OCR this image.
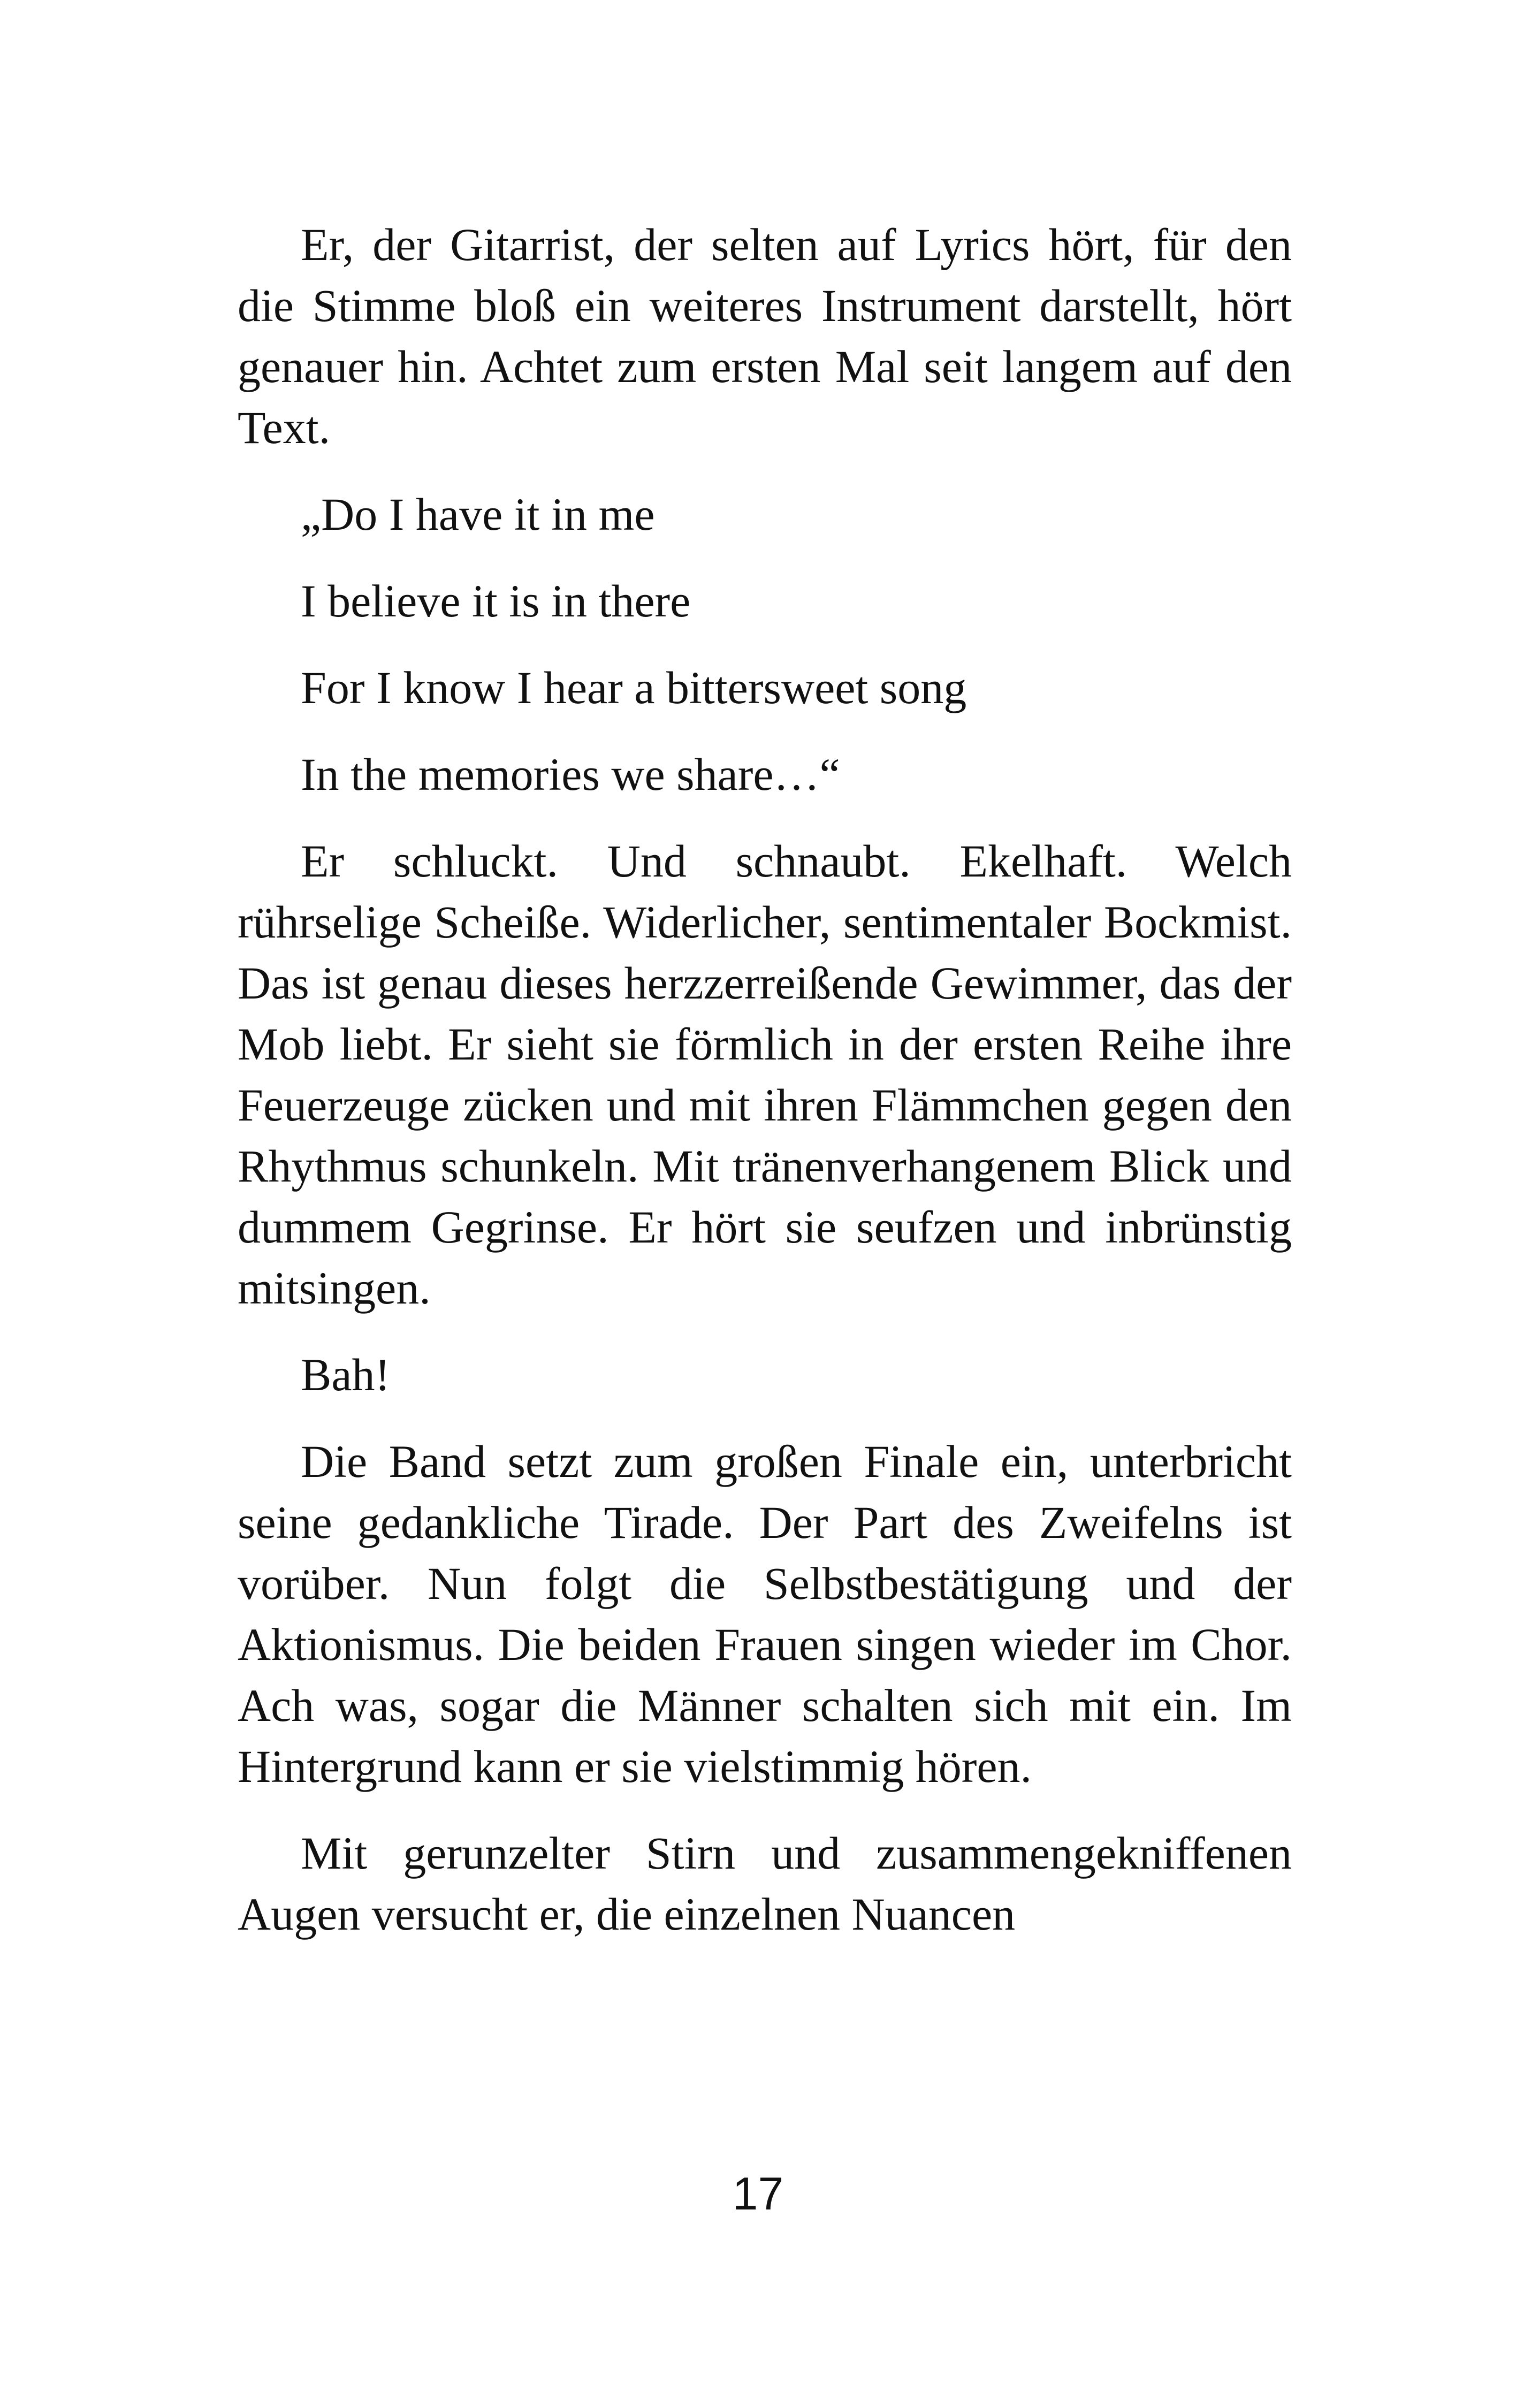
Er, der Gitarrist, der selten auf Lyrics hört, für den die Stimme bloß ein weiteres Instrument darstellt, hört genauer hin. Achtet zum ersten Mal seit langem auf den Text.

„Do I have it in me

I believe it is in there

For I know I hear a bittersweet song

In the memories we share…“

Er schluckt. Und schnaubt. Ekelhaft. Welch rührselige Scheiße. Widerlicher, sentimentaler Bockmist. Das ist genau dieses herzzerreißende Gewimmer, das der Mob liebt. Er sieht sie förmlich in der ersten Reihe ihre Feuerzeuge zücken und mit ihren Flämmchen gegen den Rhythmus schunkeln. Mit tränenverhangenem Blick und dummem Gegrinse. Er hört sie seufzen und inbrünstig mitsingen.

Bah!

Die Band setzt zum großen Finale ein, unterbricht seine gedankliche Tirade. Der Part des Zweifelns ist vorüber. Nun folgt die Selbstbestätigung und der Aktionismus. Die beiden Frauen singen wieder im Chor. Ach was, sogar die Männer schalten sich mit ein. Im Hintergrund kann er sie vielstimmig hören.

Mit gerunzelter Stirn und zusammengekniffenen Augen versucht er, die einzelnen Nuancen

17
